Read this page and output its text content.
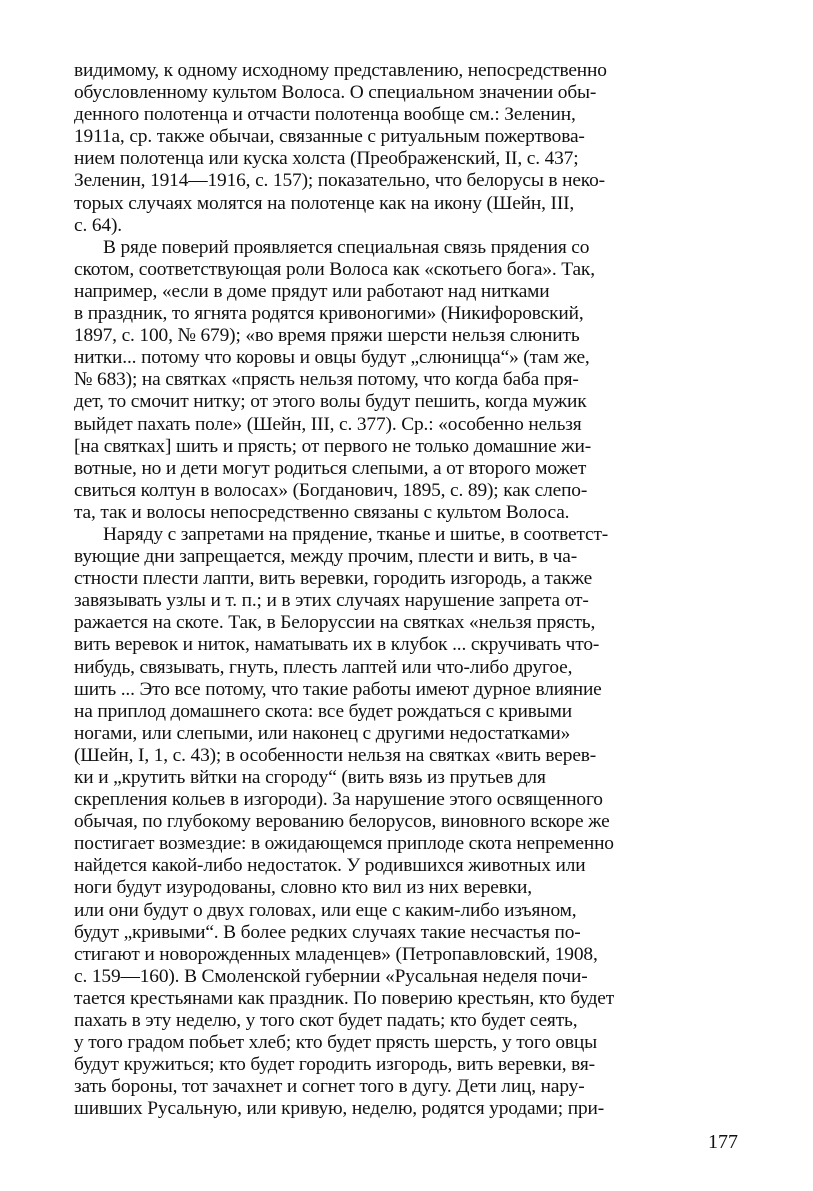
видимому, к одному исходному представлению, непосредственно
обусловленному культом Волоса. О специальном значении обы-
денного полотенца и отчасти полотенца вообще см.: Зеленин,
1911а, ср. также обычаи, связанные с ритуальным пожертвова-
нием полотенца или куска холста (Преображенский, II, с. 437;
Зеленин, 1914—1916, с. 157); показательно, что белорусы в неко-
торых случаях молятся на полотенце как на икону (Шейн, III,
с. 64).

В ряде поверий проявляется специальная связь прядения со
скотом, соответствующая роли Волоса как «скотьего бога». Так,
например, «если в доме прядут или работают над нитками
в праздник, то ягнята родятся кривоногими» (Никифоровский,
1897, с. 100, № 679); «во время пряжи шерсти нельзя слюнить
нитки... потому что коровы и овцы будут „слюницца“» (там же,
№ 683); на святках «прясть нельзя потому, что когда баба пря-
дет, то смочит нитку; от этого волы будут пешить, когда мужик
выйдет пахать поле» (Шейн, III, с. 377). Ср.: «особенно нельзя
[на святках] шить и прясть; от первого не только домашние жи-
вотные, но и дети могут родиться слепыми, а от второго может
свиться колтун в волосах» (Богданович, 1895, с. 89); как слепо-
та, так и волосы непосредственно связаны с культом Волоса.

Наряду с запретами на прядение, тканье и шитье, в соответст-
вующие дни запрещается, между прочим, плести и вить, в ча-
стности плести лапти, вить веревки, городить изгородь, а также
завязывать узлы и т. п.; и в этих случаях нарушение запрета от-
ражается на скоте. Так, в Белоруссии на святках «нельзя прясть,
вить веревок и ниток, наматывать их в клубок ... скручивать что-
нибудь, связывать, гнуть, плесть лаптей или что-либо другое,
шить ... Это все потому, что такие работы имеют дурное влияние
на приплод домашнего скота: все будет рождаться с кривыми
ногами, или слепыми, или наконец с другими недостатками»
(Шейн, I, 1, с. 43); в особенности нельзя на святках «вить верев-
ки и „крутить вйтки на сгороду“ (вить вязь из прутьев для
скрепления кольев в изгороди). За нарушение этого освященного
обычая, по глубокому верованию белорусов, виновного вскоре же
постигает возмездие: в ожидающемся приплоде скота непременно
найдется какой-либо недостаток. У родившихся животных или
ноги будут изуродованы, словно кто вил из них веревки,
или они будут о двух головах, или еще с каким-либо изъяном,
будут „кривыми“. В более редких случаях такие несчастья по-
стигают и новорожденных младенцев» (Петропавловский, 1908,
с. 159—160). В Смоленской губернии «Русальная неделя почи-
тается крестьянами как праздник. По поверию крестьян, кто будет
пахать в эту неделю, у того скот будет падать; кто будет сеять,
у того градом побьет хлеб; кто будет прясть шерсть, у того овцы
будут кружиться; кто будет городить изгородь, вить веревки, вя-
зать бороны, тот зачахнет и согнет того в дугу. Дети лиц, нару-
шивших Русальную, или кривую, неделю, родятся уродами; при-

177
